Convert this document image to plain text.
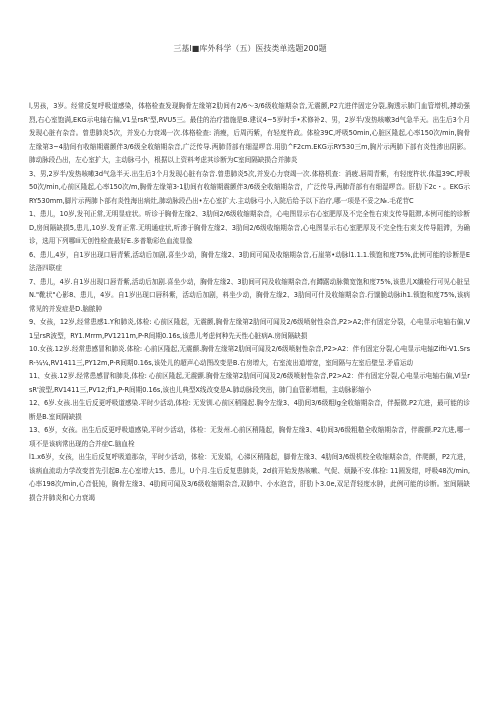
三基I■库外科学（五）医技类单选题200题

l,男孩，3岁。经常反复呼吸道感染，体格检查发现胸骨左缘第2肋间有2/6～3/6级收缩期杂音,无震颤,P2亢进伴固定分裂,胸透示肺门血管增机,搏动强烈,右心室饱满,EKG示电轴右偏,V1呈rsR'型,RVU5三。最佳的治疗措施是B.建议4~5岁时手•术修补2、男，2岁半/发热咳嗽3d气急半天。出生后3个月发现心脏有杂音。曾患肺炎5次，并发心力衰竭一次.体格检查: 消瘦，后周丙紫，有轻度杵政。体检39C,呼吸50min,心脏区隆起,心率150次/min,胸骨左缘第3~4肋间有收缩期震颤伴3/6级全收缩期杂音,广泛传导.两肺背部有细湿啰音.用肋^F2cm.EKG示RY530三m,胸片示两肺下部有炎性渗出阴影。肺动脉段凸出，左心室扩大，主动脉弓小，根据以上资料考虑其诊断为C室间隔缺损合并肺炎

3、男,2岁半/发热咳嗽3d气急半天.出生后3个月发现心脏有杂音.曾患肺炎5次,并发心力衰竭一次.体格机查：消疲.唇周青紫，有轻度杵状.体温39C,呼吸50次/min,心前区隆起,心率150次/m,胸骨左缘第3-1肋间有收缩期震颤伴3/6级全收缩期杂音，广泛传导,两肺背部有有细湿啰音。肝肋下2c・。EKG示RY530mm,脚片示两肺卜部有炎性海出病灶,肺动脉段凸出•左心室扩大.主动脉弓小,入院后给予以下治疗,哪一项是不妥之№.毛花苷C

1、患儿，10岁,发刊正常,无明显症状。听诊于胸骨左缘2、3肋间2/6级收缩期杂音，心电图显示右心室肥厚及不完全性右束支传导阻滞,本例可能的诊断D,房间隔缺损5,患儿,10岁.发育正常.无明通症状,听渗于胸骨左缘2、3肋间2/6级收缩期杂音,心电图显示右心室肥厚及不完全性右束支传导阻滞，为确诊，选用下列哪Iii无创性检查最好E.多普勒彩色血流显像

6、患儿,4岁，自1岁出现口唇青紫,活动后加剧,喜坐少动，胸骨左缘2、3肋间可闻及收缩期杂音,石崖第•动脉l1.1.1.锁饱和度75%,此例可能的诊断是E法洛四联症

7、患儿，4岁.自1岁出现口唇青紫,活动后加剧.喜坐少动，胸骨左缘2、3肋间可同及收缩期杂音,有蹲踞动脉微宽饱和度75%,该患儿X纖检行可见心脏呈N."靴状"心影8、患儿，4岁。自1岁出现口唇科紫，活动后加剧，料坐少动，胸骨左缘2、3肋间可什及收缩期杂音.行馕脆动脉ih1.锁饱和度75%,该病常见的并发症是D.脑脓肿

9、女孩，12岁,经常患感1.Y和肺炎,体检: 心前区隆起，无震颤,胸骨左缘第2肋间可闻及2/6级喷射性杂音,P2>A2;伴有固定分裂，心电显示电轴右偏,V1呈rsR波型，RY1.Mrrm,PV1211m,P-R间期0.16s,该患儿考虑何种先天性心脏病A.房间隔缺损

10.女孩.12岁.经常患感冒和肺炎.体检: 心前区隆起,无震颤.胸骨左缘第2肋间可闻及2/6级喷射性杂音,P2>A2：伴有固定分裂,心电显示电轴Zifti-V1.SrsR-¼¼,RV1411三,PY12m,P-R间期0.16s,该处儿的超声心动图改变是B.右房增大，右室流出道增宽，室间隔与左室后壁呈.矛盾运动

11、女孩.12岁.经常患感冒和肺炎,体检: 心前区隆起,无震颤.胸骨左缘第2肋间可闻及2/6级喷射性杂音,P2>A2：伴有固定分裂,心电显示电轴右偏,Vl呈rsR'波型,RV1411三,PV12;ff1,P-R间期0.16s,该也儿典型X线改变是A.肺动脉段突出，肺门血管影增粗，主动脉影缩小

12、6岁.女孩.出生后反更呼吸道感染.平时少活动,体检: 无发钏.心前区稍隆起.胸令左缘3、4肋间3/6级粗lg全收缩期杂音，伴振微.P2亢进，最可能的诊断是B.室间隔缺损

13、6岁，女孩。出生后反更呼吸道感染,平时少活动，体检：无发州.心前区稍隆起，胸骨左缘3、4肋间3/6级粗糙全收缩期杂音，伴震颤.P2亢进,哪一项不是该病常出现的合并症C.脑血栓

l1.x6岁，女孩，出生后反复呼吸道那杂，平时少活动，体检：无发娟，心涕区稍隆起，脚骨左缘3、4肋间3/6级机校全收缩期杂音，伴爬颤，P2亢进，该病血流动力学改变首先引起B.左心室增大15、患儿，U个月.生后反复患肺炎，2d前开始发热咳嗽、气促、烦躁不安.体检: 11圆发绀，呼吸48次/min,心率198次/min,心音低钝，胸骨左缘3、4肋间可闻及3/6级收缩期杂音,双肺中、小水泡音，肝肋卜3.0e,双足背轻度水肿，此例可能的诊断。室间隔缺损合并肺炎和心力衰竭
